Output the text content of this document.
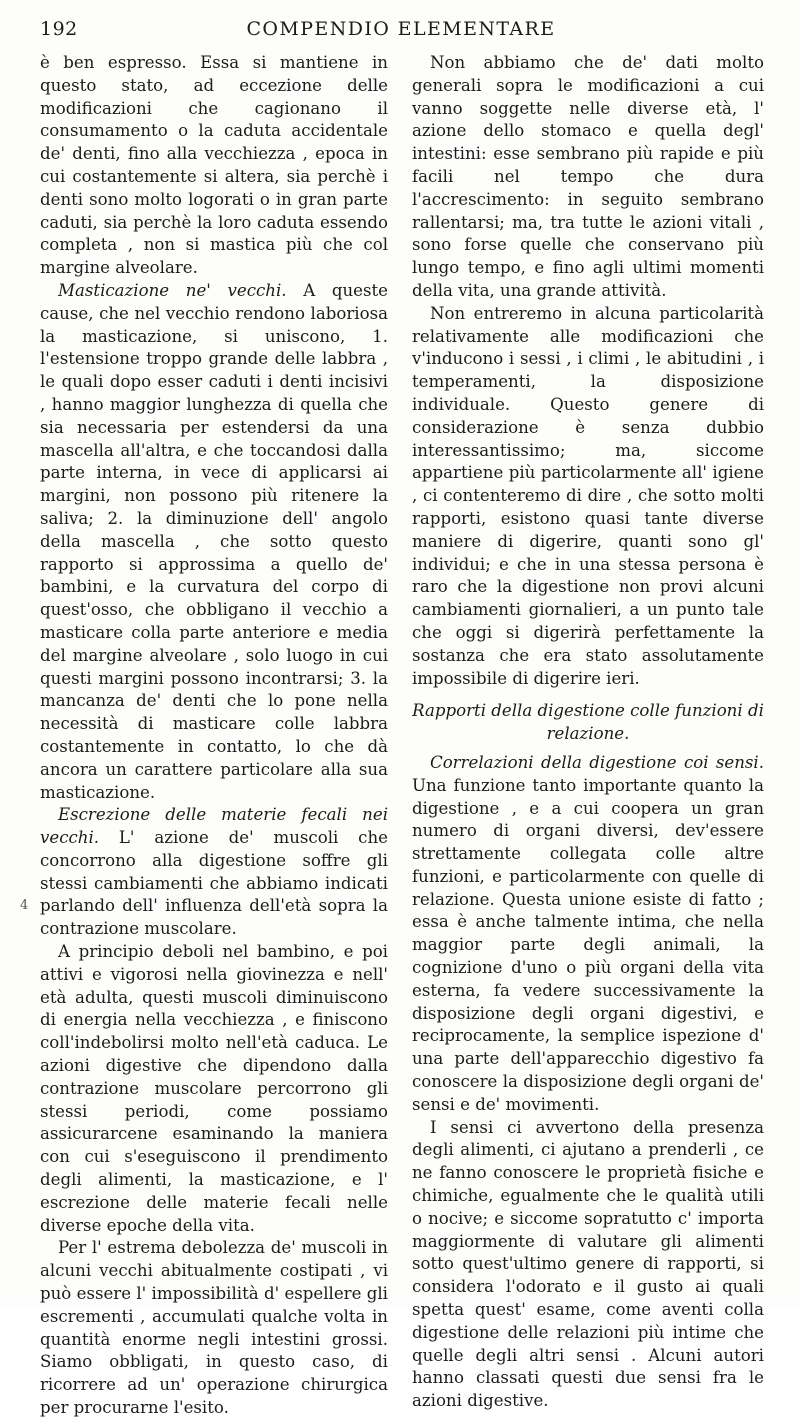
192	COMPENDIO ELEMENTARE
4

è ben espresso. Essa si mantiene in questo stato, ad eccezione delle modificazioni che cagionano il consumamento o la caduta accidentale de' denti, fino alla vecchiezza , epoca in cui costantemente si altera, sia perchè i denti sono molto logorati o in gran parte caduti, sia perchè la loro caduta essendo completa , non si mastica più che col margine alveolare.

Masticazione ne' vecchi. A queste cause, che nel vecchio rendono laboriosa la masticazione, si uniscono, 1. l'estensione troppo grande delle labbra , le quali dopo esser caduti i denti incisivi , hanno maggior lunghezza di quella che sia necessaria per estendersi da una mascella all'altra, e che toccandosi dalla parte interna, in vece di applicarsi ai margini, non possono più ritenere la saliva; 2. la diminuzione dell' angolo della mascella , che sotto questo rapporto si approssima a quello de' bambini, e la curvatura del corpo di quest'osso, che obbligano il vecchio a masticare colla parte anteriore e media del margine alveolare , solo luogo in cui questi margini possono incontrarsi; 3. la mancanza de' denti che lo pone nella necessità di masticare colle labbra costantemente in contatto, lo che dà ancora un carattere particolare alla sua masticazione.

Escrezione delle materie fecali nei vecchi. L' azione de' muscoli che concorrono alla digestione soffre gli stessi cambiamenti che abbiamo indicati parlando dell' influenza dell'età sopra la contrazione muscolare.

A principio deboli nel bambino, e poi attivi e vigorosi nella giovinezza e nell' età adulta, questi muscoli diminuiscono di energia nella vecchiezza , e finiscono coll'indebolirsi molto nell'età caduca. Le azioni digestive che dipendono dalla contrazione muscolare percorrono gli stessi periodi, come possiamo assicurarcene esaminando la maniera con cui s'eseguiscono il prendimento degli alimenti, la masticazione, e l' escrezione delle materie fecali nelle diverse epoche della vita.

Per l' estrema debolezza de' muscoli in alcuni vecchi abitualmente costipati , vi può essere l' impossibilità d' espellere gli escrementi , accumulati qualche volta in quantità enorme negli intestini grossi. Siamo obbligati, in questo caso, di ricorrere ad un' operazione chirurgica per procurarne l'esito.

Non abbiamo che de' dati molto generali sopra le modificazioni a cui vanno soggette nelle diverse età, l' azione dello stomaco e quella degl' intestini: esse sembrano più rapide e più facili nel tempo che dura l'accrescimento: in seguito sembrano rallentarsi; ma, tra tutte le azioni vitali , sono forse quelle che conservano più lungo tempo, e fino agli ultimi momenti della vita, una grande attività.

Non entreremo in alcuna particolarità relativamente alle modificazioni che v'inducono i sessi , i climi , le abitudini , i temperamenti, la disposizione individuale. Questo genere di considerazione è senza dubbio interessantissimo; ma, siccome appartiene più particolarmente all' igiene , ci contenteremo di dire , che sotto molti rapporti, esistono quasi tante diverse maniere di digerire, quanti sono gl' individui; e che in una stessa persona è raro che la digestione non provi alcuni cambiamenti giornalieri, a un punto tale che oggi si digerirà perfettamente la sostanza che era stato assolutamente impossibile di digerire ieri.

Rapporti della digestione colle funzioni di relazione.

Correlazioni della digestione coi sensi. Una funzione tanto importante quanto la digestione , e a cui coopera un gran numero di organi diversi, dev'essere strettamente collegata colle altre funzioni, e particolarmente con quelle di relazione. Questa unione esiste di fatto ; essa è anche talmente intima, che nella maggior parte degli animali, la cognizione d'uno o più organi della vita esterna, fa vedere successivamente la disposizione degli organi digestivi, e reciprocamente, la semplice ispezione d' una parte dell'apparecchio digestivo fa conoscere la disposizione degli organi de' sensi e de' movimenti.

I sensi ci avvertono della presenza degli alimenti, ci ajutano a prenderli , ce ne fanno conoscere le proprietà fisiche e chimiche, egualmente che le qualità utili o nocive; e siccome sopratutto c' importa maggiormente di valutare gli alimenti sotto quest'ultimo genere di rapporti, si considera l'odorato e il gusto ai quali spetta quest' esame, come aventi colla digestione delle relazioni più intime che quelle degli altri sensi . Alcuni autori hanno classati questi due sensi fra le azioni digestive.
